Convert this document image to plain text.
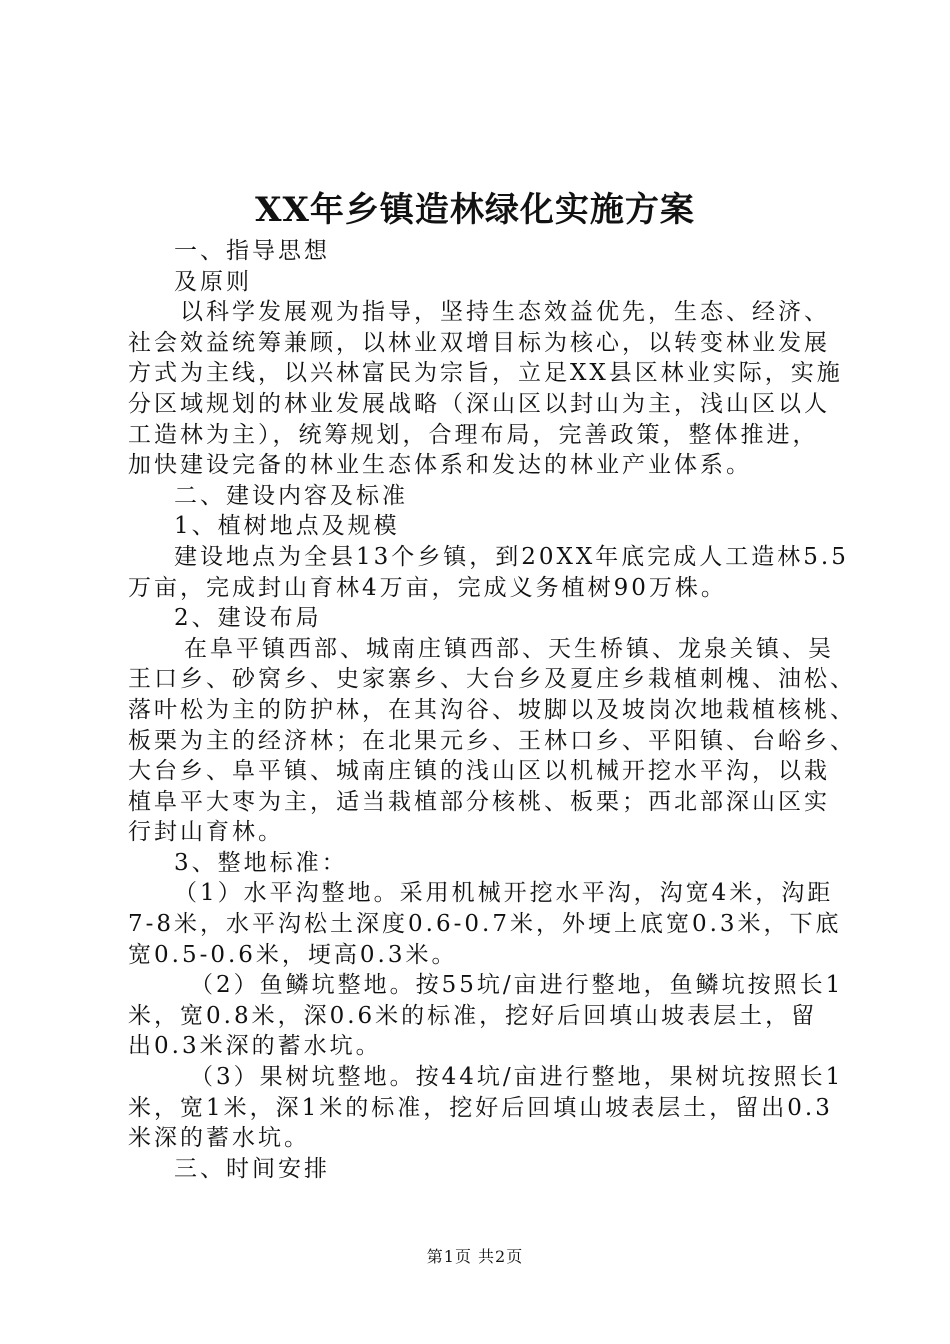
XX年乡镇造林绿化实施方案
一、指导思想
及原则
以科学发展观为指导，坚持生态效益优先，生态、经济、
社会效益统筹兼顾，以林业双增目标为核心，以转变林业发展
方式为主线，以兴林富民为宗旨，立足XX县区林业实际，实施
分区域规划的林业发展战略（深山区以封山为主，浅山区以人
工造林为主），统筹规划，合理布局，完善政策，整体推进，
加快建设完备的林业生态体系和发达的林业产业体系。
二、建设内容及标准
1、植树地点及规模
建设地点为全县13个乡镇，到20XX年底完成人工造林5.5
万亩，完成封山育林4万亩，完成义务植树90万株。
2、建设布局
在阜平镇西部、城南庄镇西部、天生桥镇、龙泉关镇、吴
王口乡、砂窝乡、史家寨乡、大台乡及夏庄乡栽植刺槐、油松、
落叶松为主的防护林，在其沟谷、坡脚以及坡岗次地栽植核桃、
板栗为主的经济林；在北果元乡、王林口乡、平阳镇、台峪乡、
大台乡、阜平镇、城南庄镇的浅山区以机械开挖水平沟，以栽
植阜平大枣为主，适当栽植部分核桃、板栗；西北部深山区实
行封山育林。
3、整地标准：
（1）水平沟整地。采用机械开挖水平沟，沟宽4米，沟距
7-8米，水平沟松土深度0.6-0.7米，外埂上底宽0.3米，下底
宽0.5-0.6米，埂高0.3米。
（2）鱼鳞坑整地。按55坑/亩进行整地，鱼鳞坑按照长1
米，宽0.8米，深0.6米的标准，挖好后回填山坡表层土，留
出0.3米深的蓄水坑。
（3）果树坑整地。按44坑/亩进行整地，果树坑按照长1
米，宽1米，深1米的标准，挖好后回填山坡表层土，留出0.3
米深的蓄水坑。
三、时间安排
第1页 共2页
